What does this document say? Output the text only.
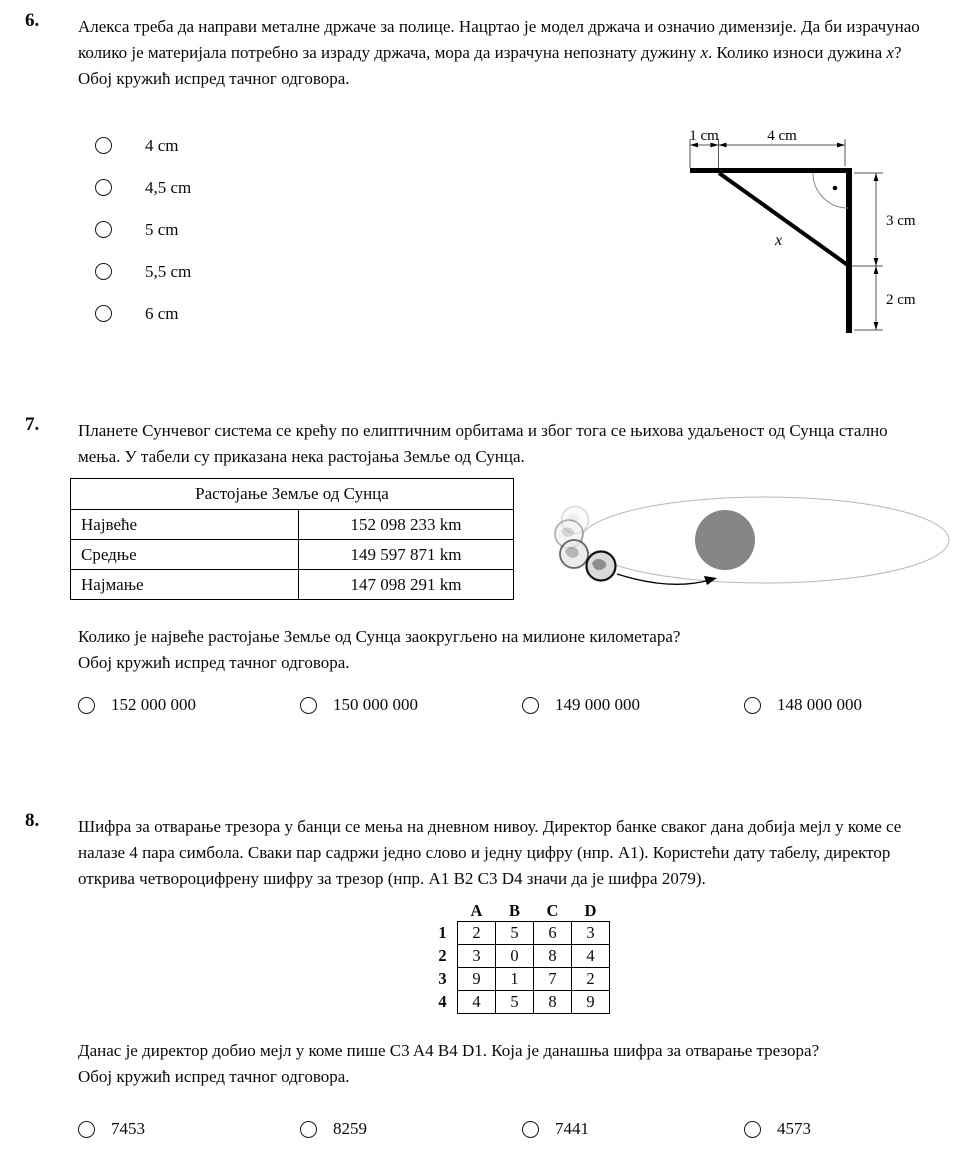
6. Алекса треба да направи металне држаче за полице. Нацртао је модел држача и означио димензије. Да би израчунао колико је материјала потребно за израду држача, мора да израчуна непознату дужину x. Колико износи дужина x?

Обој кружић испред тачног одговора.

4 cm
4,5 cm
5 cm
5,5 cm
6 cm
1 cm	4 cm
3 cm
2 cm
x
7. Планете Сунчевог система се крећу по елиптичним орбитама и због тога се њихова удаљеност од Сунца стално мења. У табели су приказана нека растојања Земље од Сунца.

Растојање Земље од Сунца	
Највеће	152 098 233 km
Средње	149 597 871 km
Најмање	147 098 291 km

Колико је највеће растојање Земље од Сунца заокругљено на милионе километара?

Обој кружић испред тачног одговора.

152 000 000	150 000 000	149 000 000	148 000 000
8. Шифра за отварање трезора у банци се мења на дневном нивоу. Директор банке сваког дана добија мејл у коме се налазе 4 пара симбола. Сваки пар садржи једно слово и једну цифру (нпр. A1). Користећи дату табелу, директор открива четвороцифрену шифру за трезор (нпр. A1 B2 C3 D4 значи да је шифра 2079).

	A	B	C	D
1	2	5	6	3
2	3	0	8	4
3	9	1	7	2
4	4	5	8	9

Данас је директор добио мејл у коме пише C3 A4 B4 D1. Која је данашња шифра за отварање трезора?

Обој кружић испред тачног одговора.

7453	8259	7441	4573
